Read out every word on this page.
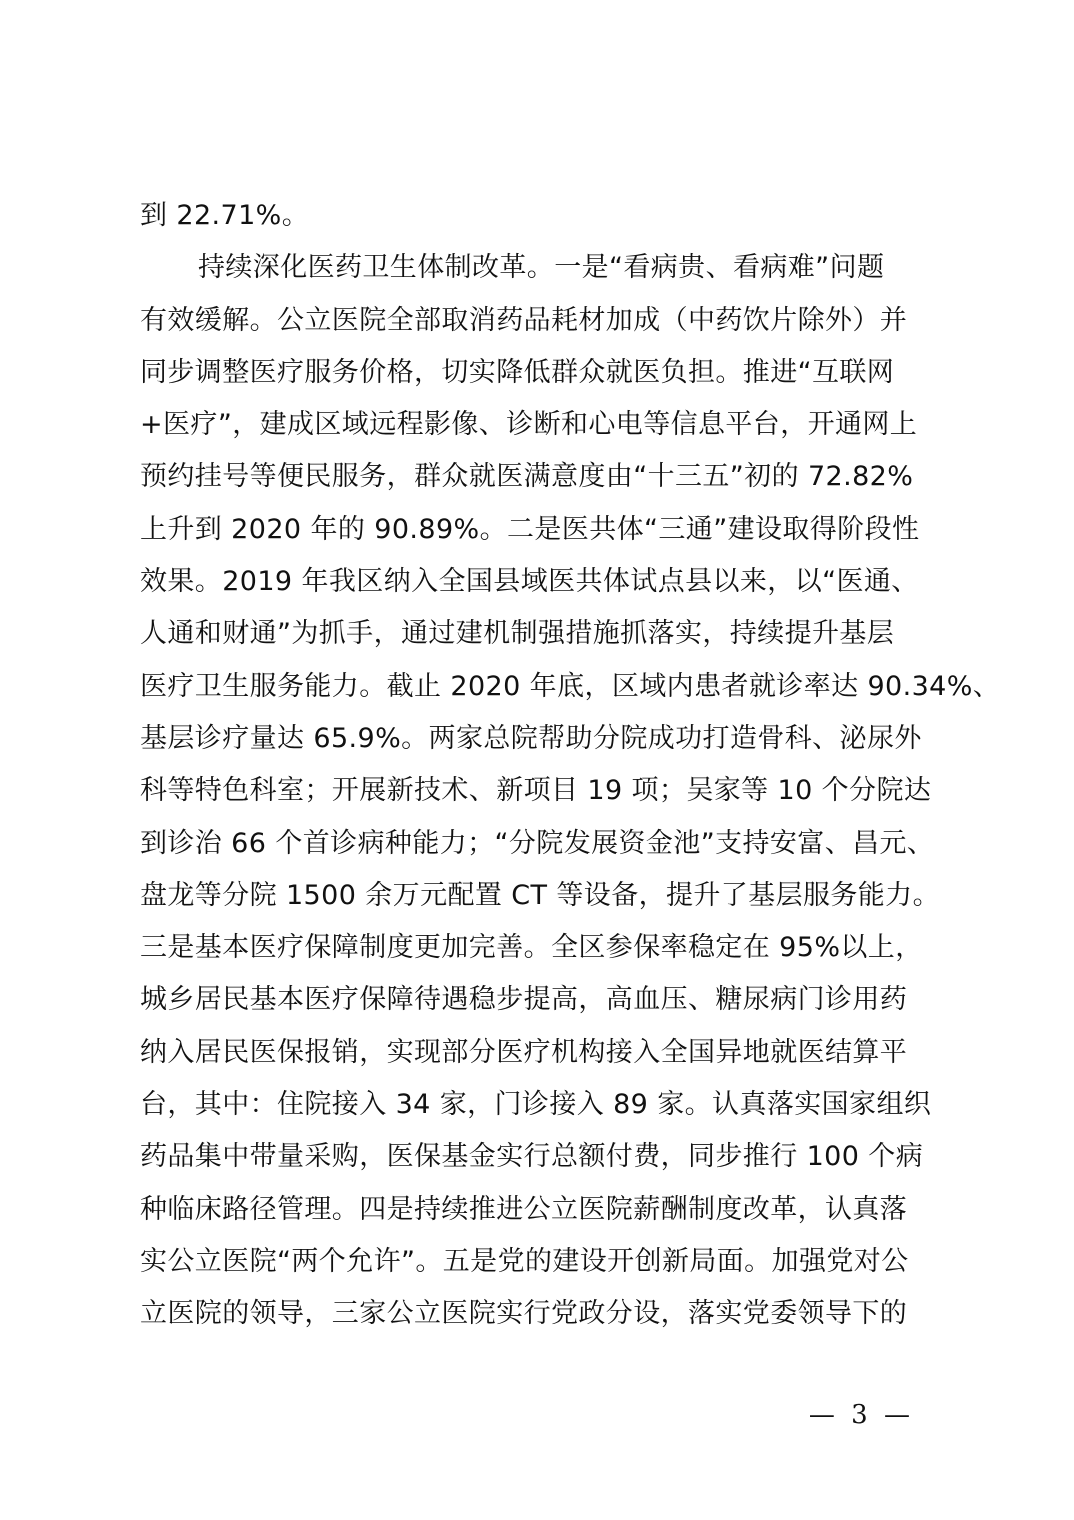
到 22.71%。
持续深化医药卫生体制改革。一是“看病贵、看病难”问题
有效缓解。公立医院全部取消药品耗材加成（中药饮片除外）并
同步调整医疗服务价格，切实降低群众就医负担。推进“互联网
+医疗”，建成区域远程影像、诊断和心电等信息平台，开通网上
预约挂号等便民服务，群众就医满意度由“十三五”初的 72.82%
上升到 2020 年的 90.89%。二是医共体“三通”建设取得阶段性
效果。2019 年我区纳入全国县域医共体试点县以来，以“医通、
人通和财通”为抓手，通过建机制强措施抓落实，持续提升基层
医疗卫生服务能力。截止 2020 年底，区域内患者就诊率达 90.34%、
基层诊疗量达 65.9%。两家总院帮助分院成功打造骨科、泌尿外
科等特色科室；开展新技术、新项目 19 项；吴家等 10 个分院达
到诊治 66 个首诊病种能力；“分院发展资金池”支持安富、昌元、
盘龙等分院 1500 余万元配置 CT 等设备，提升了基层服务能力。
三是基本医疗保障制度更加完善。全区参保率稳定在 95%以上，
城乡居民基本医疗保障待遇稳步提高，高血压、糖尿病门诊用药
纳入居民医保报销，实现部分医疗机构接入全国异地就医结算平
台，其中：住院接入 34 家，门诊接入 89 家。认真落实国家组织
药品集中带量采购，医保基金实行总额付费，同步推行 100 个病
种临床路径管理。四是持续推进公立医院薪酬制度改革，认真落
实公立医院“两个允许”。五是党的建设开创新局面。加强党对公
立医院的领导，三家公立医院实行党政分设，落实党委领导下的
— 3 —
